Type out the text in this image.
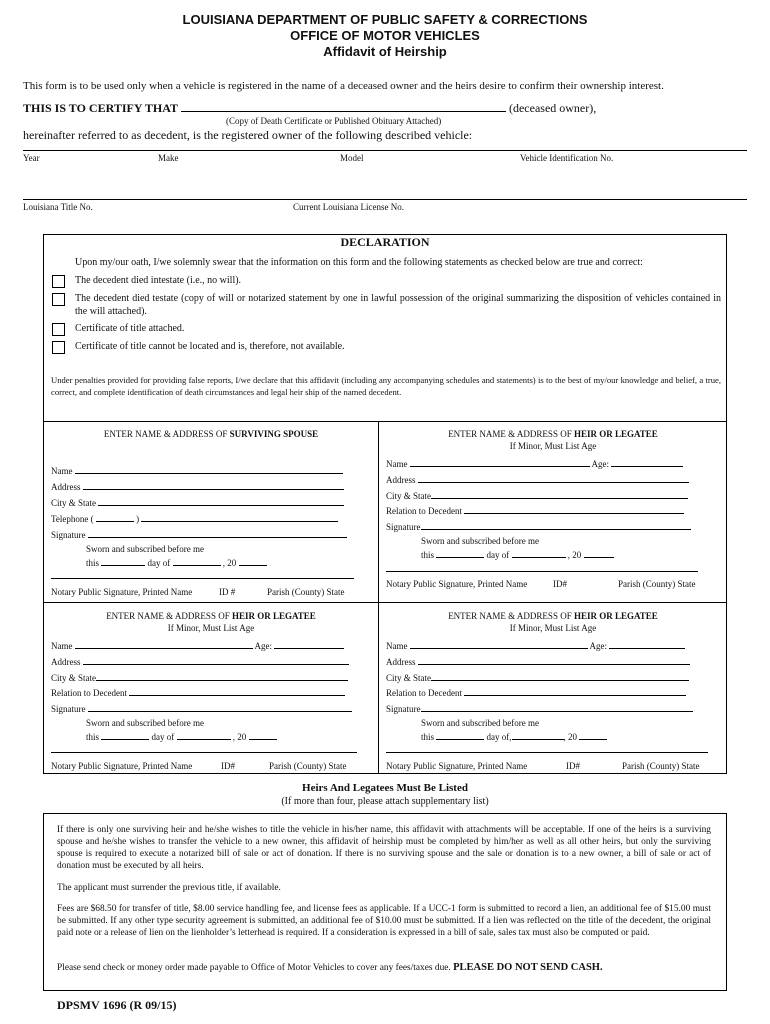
LOUISIANA DEPARTMENT OF PUBLIC SAFETY & CORRECTIONS
OFFICE OF MOTOR VEHICLES
Affidavit of Heirship
This form is to be used only when a vehicle is registered in the name of a deceased owner and the heirs desire to confirm their ownership interest.
THIS IS TO CERTIFY THAT	(deceased owner),
(Copy of Death Certificate or Published Obituary Attached)
hereinafter referred to as decedent, is the registered owner of the following described vehicle:
Year	Make	Model	Vehicle Identification No.
Louisiana Title No.	Current Louisiana License No.
DECLARATION
Upon my/our oath, I/we solemnly swear that the information on this form and the following statements as checked below are true and correct:
The decedent died intestate (i.e., no will).
The decedent died testate (copy of will or notarized statement by one in lawful possession of the original summarizing the disposition of vehicles contained in the will attached).
Certificate of title attached.
Certificate of title cannot be located and is, therefore, not available.
Under penalties provided for providing false reports, I/we declare that this affidavit (including any accompanying schedules and statements) is to the best of my/our knowledge and belief, a true, correct, and complete identification of death circumstances and legal heir ship of the named decedent.
ENTER NAME & ADDRESS OF SURVIVING SPOUSE
Name
Address
City & State
Telephone (	)
Signature
Sworn and subscribed before me
this	day of	, 20
Notary Public Signature, Printed Name	ID #	Parish (County) State
ENTER NAME & ADDRESS OF HEIR OR LEGATEE
If Minor, Must List Age
Name	Age:
Address
City & State
Relation to Decedent
Signature
Sworn and subscribed before me
this	day of	, 20
Notary Public Signature, Printed Name	ID#	Parish (County) State
ENTER NAME & ADDRESS OF HEIR OR LEGATEE
If Minor, Must List Age
Name	Age:
Address
City & State
Relation to Decedent
Signature
Sworn and subscribed before me
this	day of	, 20
Notary Public Signature, Printed Name	ID#	Parish (County) State
ENTER NAME & ADDRESS OF HEIR OR LEGATEE
If Minor, Must List Age
Name	Age:
Address
City & State
Relation to Decedent
Signature
Sworn and subscribed before me
this	day of,	, 20
Notary Public Signature, Printed Name	ID#	Parish (County) State
Heirs And Legatees Must Be Listed
(If more than four, please attach supplementary list)
If there is only one surviving heir and he/she wishes to title the vehicle in his/her name, this affidavit with attachments will be acceptable. If one of the heirs is a surviving spouse and he/she wishes to transfer the vehicle to a new owner, this affidavit of heirship must be completed by him/her as well as all other heirs, but only the surviving spouse is required to execute a notarized bill of sale or act of donation. If there is no surviving spouse and the sale or donation is to a new owner, a bill of sale or act of donation must be executed by all heirs.
The applicant must surrender the previous title, if available.
Fees are $68.50 for transfer of title, $8.00 service handling fee, and license fees as applicable. If a UCC-1 form is submitted to record a lien, an additional fee of $15.00 must be submitted. If any other type security agreement is submitted, an additional fee of $10.00 must be submitted. If a lien was reflected on the title of the decedent, the original paid note or a release of lien on the lienholder’s letterhead is required. If a consideration is expressed in a bill of sale, sales tax must also be computed or paid.
Please send check or money order made payable to Office of Motor Vehicles to cover any fees/taxes due. PLEASE DO NOT SEND CASH.
DPSMV 1696 (R 09/15)
